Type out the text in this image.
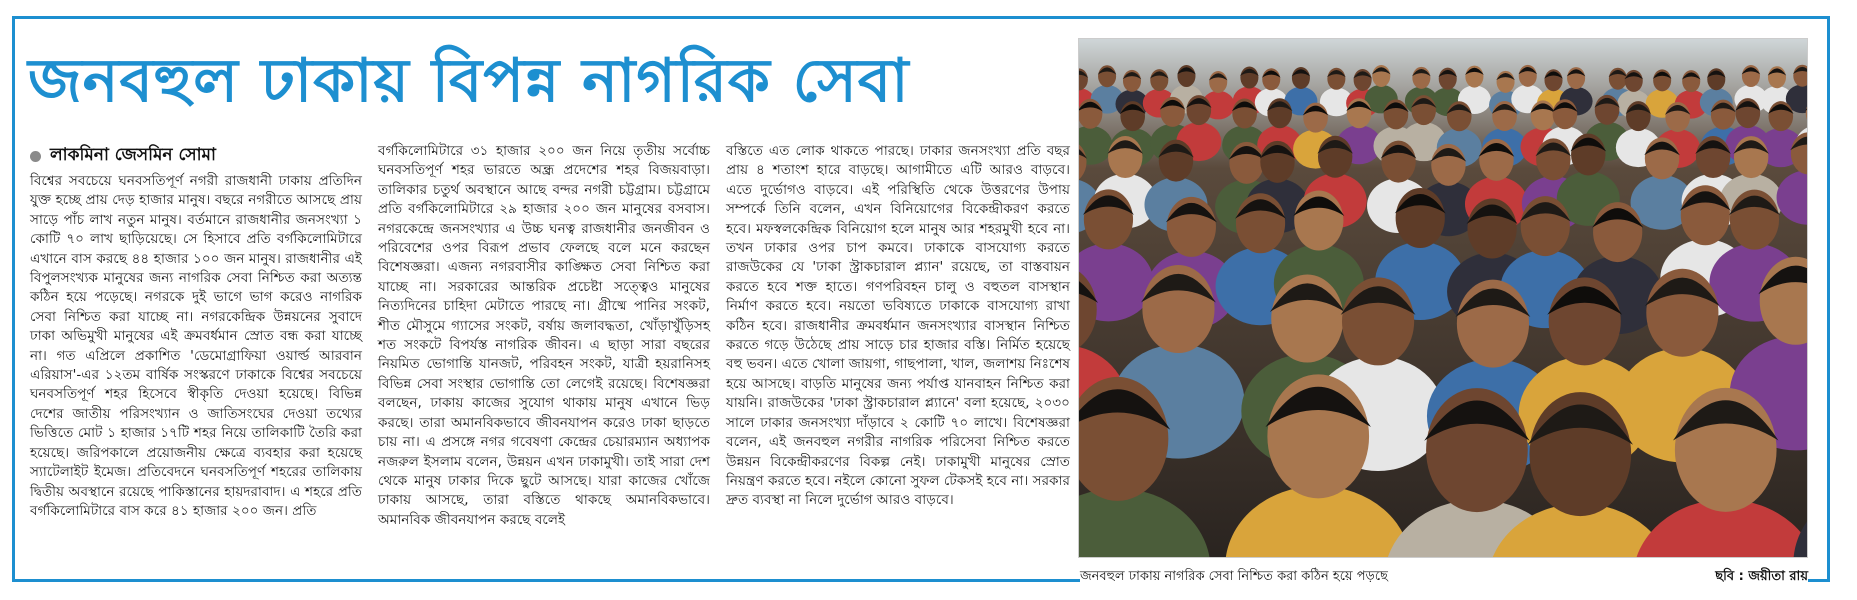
জনবহুল ঢাকায় বিপন্ন নাগরিক সেবা
লাকমিনা জেসমিন সোমা

বিশ্বের সবচেয়ে ঘনবসতিপূর্ণ নগরী রাজধানী ঢাকায় প্রতিদিন যুক্ত হচ্ছে প্রায় দেড় হাজার মানুষ। বছরে নগরীতে আসছে প্রায় সাড়ে পাঁচ লাখ নতুন মানুষ। বর্তমানে রাজধানীর জনসংখ্যা ১ কোটি ৭০ লাখ ছাড়িয়েছে। সে হিসাবে প্রতি বর্গকিলোমিটারে এখানে বাস করছে ৪৪ হাজার ১০০ জন মানুষ। রাজধানীর এই বিপুলসংখ্যক মানুষের জন্য নাগরিক সেবা নিশ্চিত করা অত্যন্ত কঠিন হয়ে পড়েছে। নগরকে দুই ভাগে ভাগ করেও নাগরিক সেবা নিশ্চিত করা যাচ্ছে না। নগরকেন্দ্রিক উন্নয়নের সুবাদে ঢাকা অভিমুখী মানুষের এই ক্রমবর্ধমান স্রোত বন্ধ করা যাচ্ছে না। গত এপ্রিলে প্রকাশিত 'ডেমোগ্রাফিয়া ওয়ার্ল্ড আরবান এরিয়াস'-এর ১২তম বার্ষিক সংস্করণে ঢাকাকে বিশ্বের সবচেয়ে ঘনবসতিপূর্ণ শহর হিসেবে স্বীকৃতি দেওয়া হয়েছে। বিভিন্ন দেশের জাতীয় পরিসংখ্যান ও জাতিসংঘের দেওয়া তথ্যের ভিত্তিতে মোট ১ হাজার ১৭টি শহর নিয়ে তালিকাটি তৈরি করা হয়েছে। জরিপকালে প্রয়োজনীয় ক্ষেত্রে ব্যবহার করা হয়েছে স্যাটেলাইট ইমেজ। প্রতিবেদনে ঘনবসতিপূর্ণ শহরের তালিকায় দ্বিতীয় অবস্থানে রয়েছে পাকিস্তানের হায়দরাবাদ। এ শহরে প্রতি বর্গকিলোমিটারে বাস করে ৪১ হাজার ২০০ জন। প্রতি

বর্গকিলোমিটারে ৩১ হাজার ২০০ জন নিয়ে তৃতীয় সর্বোচ্চ ঘনবসতিপূর্ণ শহর ভারতে অন্ধ্র প্রদেশের শহর বিজয়বাড়া। তালিকার চতুর্থ অবস্থানে আছে বন্দর নগরী চট্টগ্রাম। চট্টগ্রামে প্রতি বর্গকিলোমিটারে ২৯ হাজার ২০০ জন মানুষের বসবাস। নগরকেন্দ্রে জনসংখ্যার এ উচ্চ ঘনত্ব রাজধানীর জনজীবন ও পরিবেশের ওপর বিরূপ প্রভাব ফেলছে বলে মনে করছেন বিশেষজ্ঞরা। এজন্য নগরবাসীর কাঙ্ক্ষিত সেবা নিশ্চিত করা যাচ্ছে না। সরকারের আন্তরিক প্রচেষ্টা সত্ত্বেও মানুষের নিত্যদিনের চাহিদা মেটাতে পারছে না। গ্রীষ্মে পানির সংকট, শীত মৌসুমে গ্যাসের সংকট, বর্ষায় জলাবদ্ধতা, খোঁড়াখুঁড়িসহ শত সংকটে বিপর্যস্ত নাগরিক জীবন। এ ছাড়া সারা বছরের নিয়মিত ভোগান্তি যানজট, পরিবহন সংকট, যাত্রী হয়রানিসহ বিভিন্ন সেবা সংস্থার ভোগান্তি তো লেগেই রয়েছে। বিশেষজ্ঞরা বলছেন, ঢাকায় কাজের সুযোগ থাকায় মানুষ এখানে ভিড় করছে। তারা অমানবিকভাবে জীবনযাপন করেও ঢাকা ছাড়তে চায় না। এ প্রসঙ্গে নগর গবেষণা কেন্দ্রের চেয়ারম্যান অধ্যাপক নজরুল ইসলাম বলেন, উন্নয়ন এখন ঢাকামুখী। তাই সারা দেশ থেকে মানুষ ঢাকার দিকে ছুটে আসছে। যারা কাজের খোঁজে ঢাকায় আসছে, তারা বস্তিতে থাকছে অমানবিকভাবে। অমানবিক জীবনযাপন করছে বলেই

বস্তিতে এত লোক থাকতে পারছে। ঢাকার জনসংখ্যা প্রতি বছর প্রায় ৪ শতাংশ হারে বাড়ছে। আগামীতে এটি আরও বাড়বে। এতে দুর্ভোগও বাড়বে। এই পরিস্থিতি থেকে উত্তরণের উপায় সম্পর্কে তিনি বলেন, এখন বিনিয়োগের বিকেন্দ্রীকরণ করতে হবে। মফস্বলকেন্দ্রিক বিনিয়োগ হলে মানুষ আর শহরমুখী হবে না। তখন ঢাকার ওপর চাপ কমবে। ঢাকাকে বাসযোগ্য করতে রাজউকের যে 'ঢাকা স্ট্রাকচারাল প্ল্যান' রয়েছে, তা বাস্তবায়ন করতে হবে শক্ত হাতে। গণপরিবহন চালু ও বহুতল বাসস্থান নির্মাণ করতে হবে। নয়তো ভবিষ্যতে ঢাকাকে বাসযোগ্য রাখা কঠিন হবে। রাজধানীর ক্রমবর্ধমান জনসংখ্যার বাসস্থান নিশ্চিত করতে গড়ে উঠেছে প্রায় সাড়ে চার হাজার বস্তি। নির্মিত হয়েছে বহু ভবন। এতে খোলা জায়গা, গাছপালা, খাল, জলাশয় নিঃশেষ হয়ে আসছে। বাড়তি মানুষের জন্য পর্যাপ্ত যানবাহন নিশ্চিত করা যায়নি। রাজউকের 'ঢাকা স্ট্রাকচারাল প্ল্যানে' বলা হয়েছে, ২০৩০ সালে ঢাকার জনসংখ্যা দাঁড়াবে ২ কোটি ৭০ লাখে। বিশেষজ্ঞরা বলেন, এই জনবহুল নগরীর নাগরিক পরিসেবা নিশ্চিত করতে উন্নয়ন বিকেন্দ্রীকরণের বিকল্প নেই। ঢাকামুখী মানুষের স্রোত নিয়ন্ত্রণ করতে হবে। নইলে কোনো সুফল টেকসই হবে না। সরকার দ্রুত ব্যবস্থা না নিলে দুর্ভোগ আরও বাড়বে।

জনবহুল ঢাকায় নাগরিক সেবা নিশ্চিত করা কঠিন হয়ে পড়ছে	ছবি : জয়ীতা রায়
